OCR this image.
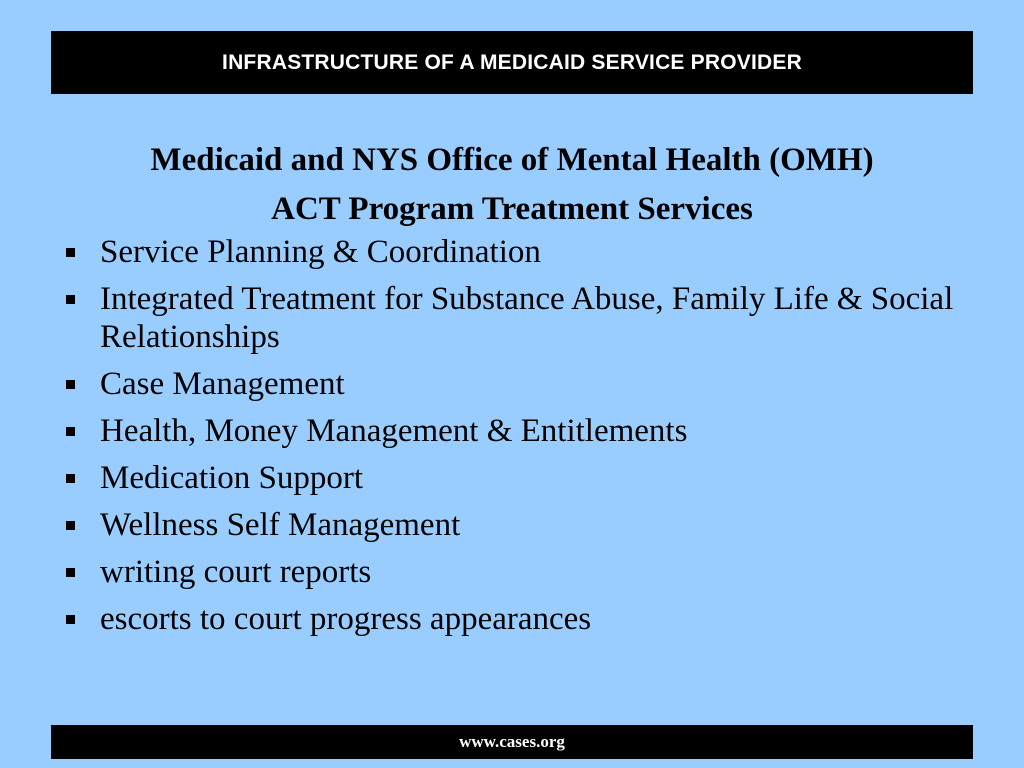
INFRASTRUCTURE OF A MEDICAID SERVICE PROVIDER
Medicaid and NYS Office of Mental Health (OMH)
ACT Program Treatment Services
Service Planning & Coordination
Integrated Treatment for Substance Abuse, Family Life & Social Relationships
Case Management
Health, Money Management & Entitlements
Medication Support
Wellness Self Management
writing court reports
escorts to court progress appearances
www.cases.org
